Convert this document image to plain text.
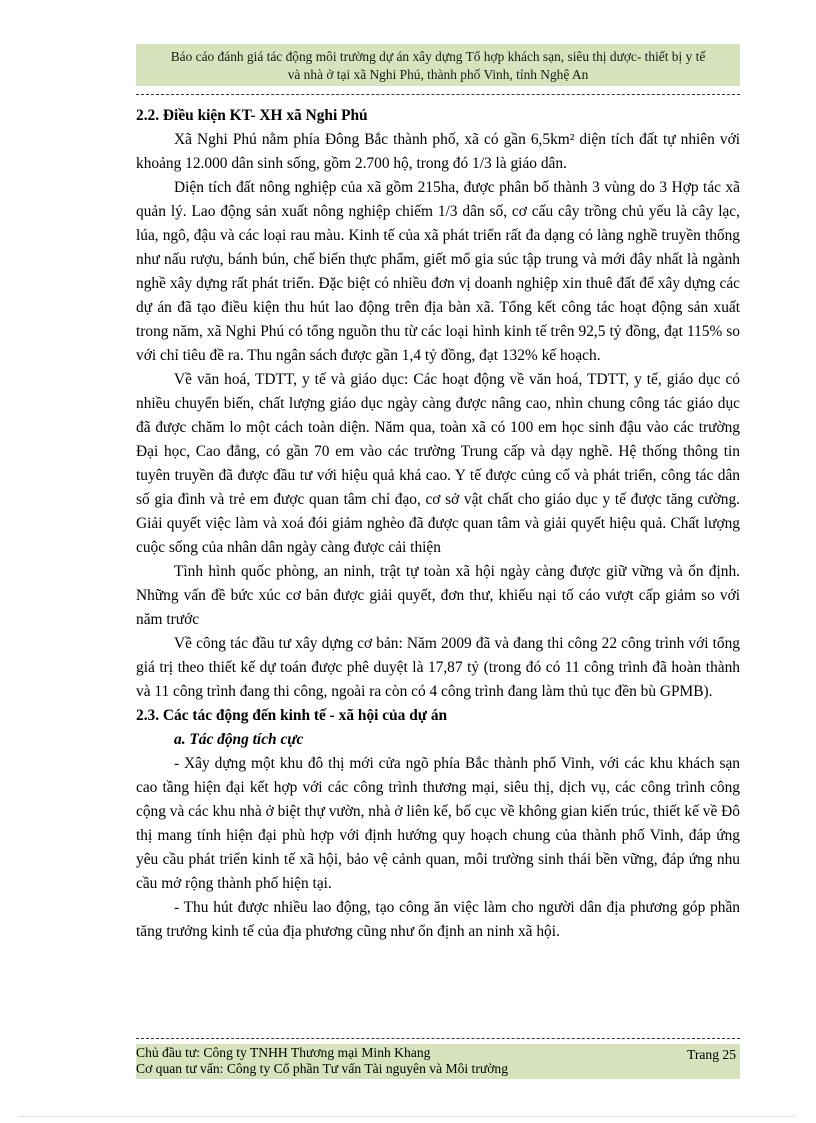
Báo cáo đánh giá tác động môi trường dự án xây dựng Tổ hợp khách sạn, siêu thị dược- thiết bị y tế
và nhà ở tại xã Nghi Phú, thành phố Vinh, tỉnh Nghệ An
2.2. Điều kiện KT- XH xã Nghi Phú

Xã Nghi Phú nằm phía Đông Bắc thành phố, xã có gần 6,5km² diện tích đất tự nhiên với khoảng 12.000 dân sinh sống, gồm 2.700 hộ, trong đó 1/3 là giáo dân.

Diện tích đất nông nghiệp của xã gồm 215ha, được phân bố thành 3 vùng do 3 Hợp tác xã quản lý. Lao động sản xuất nông nghiệp chiếm 1/3 dân số, cơ cấu cây trồng chủ yếu là cây lạc, lúa, ngô, đậu và các loại rau màu. Kinh tế của xã phát triển rất đa dạng có làng nghề truyền thống như nấu rượu, bánh bún, chế biến thực phẩm, giết mổ gia súc tập trung và mới đây nhất là ngành nghề xây dựng rất phát triển. Đặc biệt có nhiều đơn vị doanh nghiệp xin thuê đất để xây dựng các dự án đã tạo điều kiện thu hút lao động trên địa bàn xã. Tổng kết công tác hoạt động sản xuất trong năm, xã Nghi Phú có tổng nguồn thu từ các loại hình kinh tế trên 92,5 tỷ đồng, đạt 115% so với chỉ tiêu đề ra. Thu ngân sách được gần 1,4 tỷ đồng, đạt 132% kế hoạch.

Về văn hoá, TDTT, y tế và giáo dục: Các hoạt động về văn hoá, TDTT, y tế, giáo dục có nhiều chuyển biến, chất lượng giáo dục ngày càng được nâng cao, nhìn chung công tác giáo dục đã được chăm lo một cách toàn diện. Năm qua, toàn xã có 100 em học sinh đậu vào các trường Đại học, Cao đẳng, có gần 70 em vào các trường Trung cấp và dạy nghề. Hệ thống thông tin tuyên truyền đã được đầu tư với hiệu quả khá cao. Y tế được củng cố và phát triển, công tác dân số gia đình và trẻ em được quan tâm chỉ đạo, cơ sở vật chất cho giáo dục y tế được tăng cường. Giải quyết việc làm và xoá đói giảm nghèo đã được quan tâm và giải quyết hiệu quả. Chất lượng cuộc sống của nhân dân ngày càng được cải thiện

Tình hình quốc phòng, an ninh, trật tự toàn xã hội ngày càng được giữ vững và ổn định. Những vấn đề bức xúc cơ bản được giải quyết, đơn thư, khiếu nại tố cáo vượt cấp giảm so với năm trước

Về công tác đầu tư xây dựng cơ bản: Năm 2009 đã và đang thi công 22 công trình với tổng giá trị theo thiết kế dự toán được phê duyệt là 17,87 tỷ (trong đó có 11 công trình đã hoàn thành và 11 công trình đang thi công, ngoài ra còn có 4 công trình đang làm thủ tục đền bù GPMB).

2.3. Các tác động đến kinh tế - xã hội của dự án
a. Tác động tích cực

- Xây dựng một khu đô thị mới cửa ngõ phía Bắc thành phố Vinh, với các khu khách sạn cao tầng hiện đại kết hợp với các công trình thương mại, siêu thị, dịch vụ, các công trình công cộng và các khu nhà ở biệt thự vườn, nhà ở liên kế, bố cục về không gian kiến trúc, thiết kế về Đô thị mang tính hiện đại phù hợp với định hướng quy hoạch chung của thành phố Vinh, đáp ứng yêu cầu phát triển kinh tế xã hội, bảo vệ cảnh quan, môi trường sinh thái bền vững, đáp ứng nhu cầu mở rộng thành phố hiện tại.

- Thu hút được nhiều lao động, tạo công ăn việc làm cho người dân địa phương góp phần tăng trưởng kinh tế của địa phương cũng như ổn định an ninh xã hội.

Chủ đầu tư: Công ty TNHH Thương mại Minh Khang
Cơ quan tư vấn: Công ty Cổ phần Tư vấn Tài nguyên và Môi trường
Trang 25
